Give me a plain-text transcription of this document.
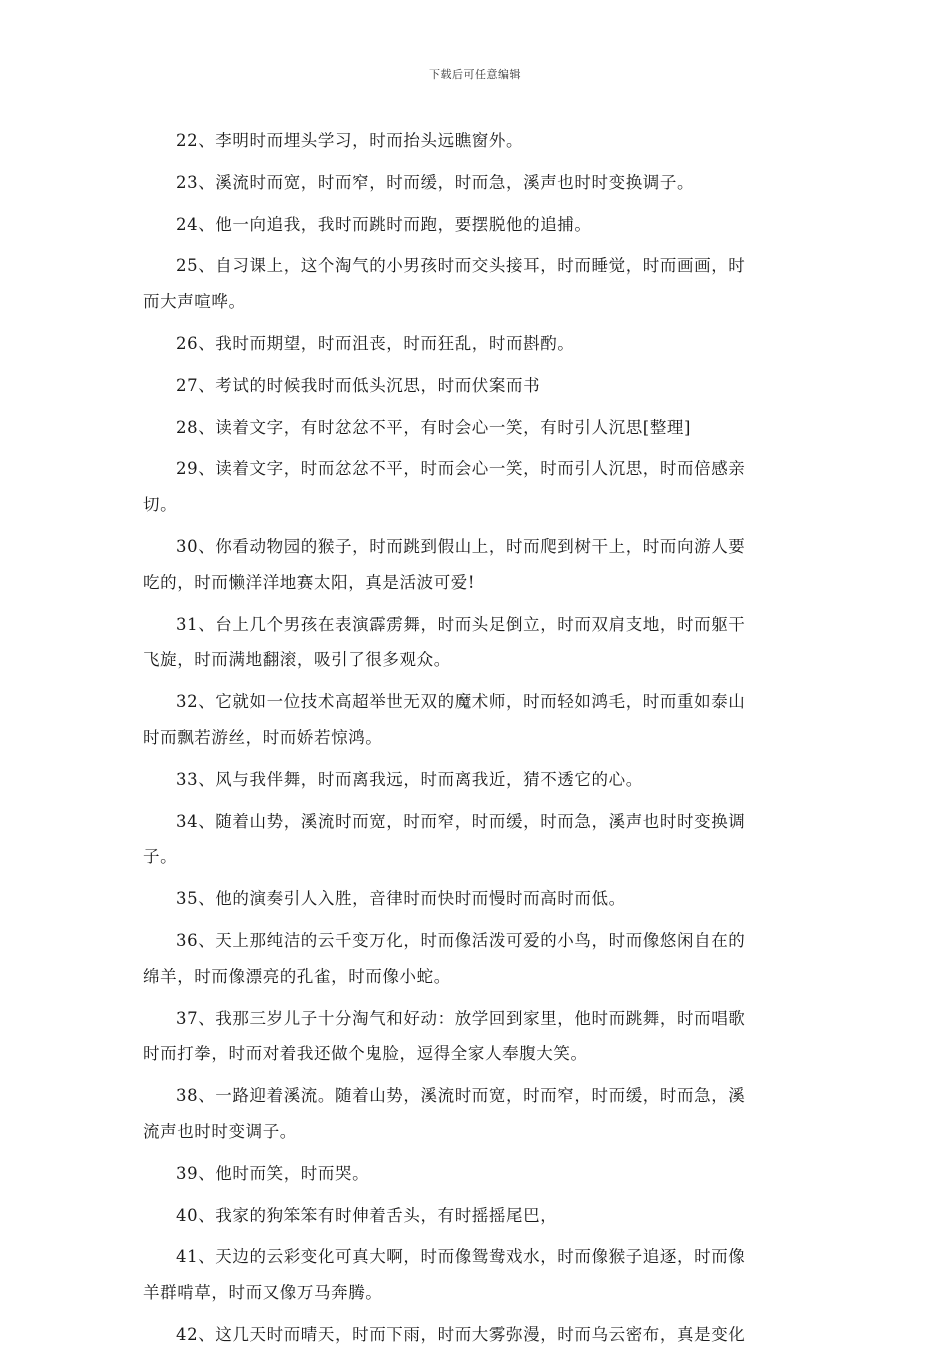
下载后可任意编辑

22、李明时而埋头学习，时而抬头远瞧窗外。

23、溪流时而宽，时而窄，时而缓，时而急，溪声也时时变换调子。

24、他一向追我，我时而跳时而跑，要摆脱他的追捕。

25、自习课上，这个淘气的小男孩时而交头接耳，时而睡觉，时而画画，时
而大声喧哗。

26、我时而期望，时而沮丧，时而狂乱，时而斟酌。

27、考试的时候我时而低头沉思，时而伏案而书

28、读着文字，有时忿忿不平，有时会心一笑，有时引人沉思[整理]

29、读着文字，时而忿忿不平，时而会心一笑，时而引人沉思，时而倍感亲
切。

30、你看动物园的猴子，时而跳到假山上，时而爬到树干上，时而向游人要
吃的，时而懒洋洋地赛太阳，真是活波可爱!

31、台上几个男孩在表演霹雳舞，时而头足倒立，时而双肩支地，时而躯干
飞旋，时而满地翻滚，吸引了很多观众。

32、它就如一位技术高超举世无双的魔术师，时而轻如鸿毛，时而重如泰山
时而飘若游丝，时而娇若惊鸿。

33、风与我伴舞，时而离我远，时而离我近，猜不透它的心。

34、随着山势，溪流时而宽，时而窄，时而缓，时而急，溪声也时时变换调
子。

35、他的演奏引人入胜，音律时而快时而慢时而高时而低。

36、天上那纯洁的云千变万化，时而像活泼可爱的小鸟，时而像悠闲自在的
绵羊，时而像漂亮的孔雀，时而像小蛇。

37、我那三岁儿子十分淘气和好动：放学回到家里，他时而跳舞，时而唱歌
时而打拳，时而对着我还做个鬼脸，逗得全家人奉腹大笑。

38、一路迎着溪流。随着山势，溪流时而宽，时而窄，时而缓，时而急，溪
流声也时时变调子。

39、他时而笑，时而哭。

40、我家的狗笨笨有时伸着舌头，有时摇摇尾巴，

41、天边的云彩变化可真大啊，时而像鸳鸯戏水，时而像猴子追逐，时而像
羊群啃草，时而又像万马奔腾。

42、这几天时而晴天，时而下雨，时而大雾弥漫，时而乌云密布，真是变化
